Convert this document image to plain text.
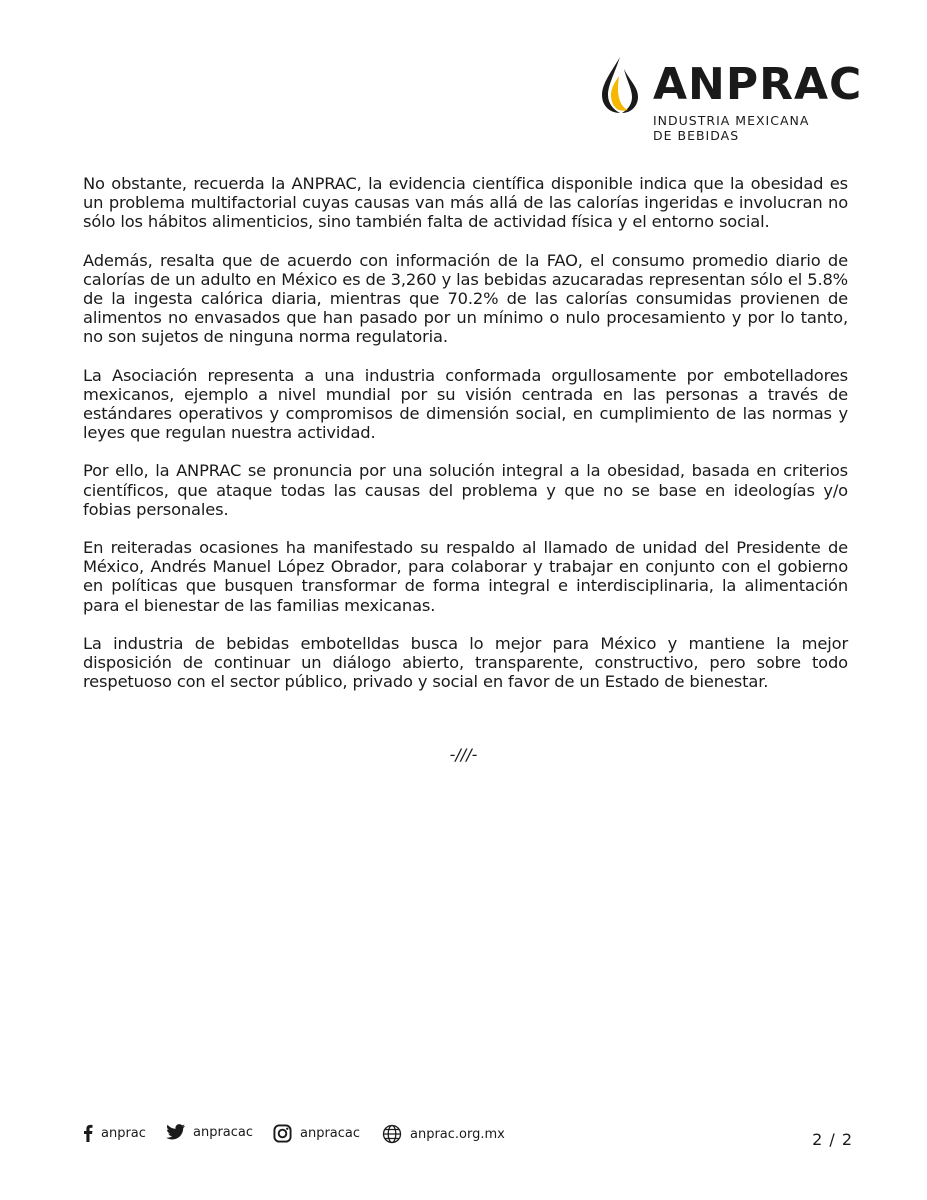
ANPRAC
INDUSTRIA MEXICANA
DE BEBIDAS

No obstante, recuerda la ANPRAC, la evidencia científica disponible indica que la obesidad es un problema multifactorial cuyas causas van más allá de las calorías ingeridas e involucran no sólo los hábitos alimenticios, sino también falta de actividad física y el entorno social.

Además, resalta que de acuerdo con información de la FAO, el consumo promedio diario de calorías de un adulto en México es de 3,260 y las bebidas azucaradas representan sólo el 5.8% de la ingesta calórica diaria, mientras que 70.2% de las calorías consumidas provienen de alimentos no envasados que han pasado por un mínimo o nulo procesamiento y por lo tanto, no son sujetos de ninguna norma regulatoria.

La Asociación representa a una industria conformada orgullosamente por embotelladores mexicanos, ejemplo a nivel mundial por su visión centrada en las personas a través de estándares operativos y compromisos de dimensión social, en cumplimiento de las normas y leyes que regulan nuestra actividad.

Por ello, la ANPRAC se pronuncia por una solución integral a la obesidad, basada en criterios científicos, que ataque todas las causas del problema y que no se base en ideologías y/o fobias personales.

En reiteradas ocasiones ha manifestado su respaldo al llamado de unidad del Presidente de México, Andrés Manuel López Obrador, para colaborar y trabajar en conjunto con el gobierno en políticas que busquen transformar de forma integral e interdisciplinaria, la alimentación para el bienestar de las familias mexicanas.

La industria de bebidas embotelldas busca lo mejor para México y mantiene la mejor disposición de continuar un diálogo abierto, transparente, constructivo, pero sobre todo respetuoso con el sector público, privado y social en favor de un Estado de bienestar.

-///-
anprac	anpracac	anpracac	anprac.org.mx	2 / 2
